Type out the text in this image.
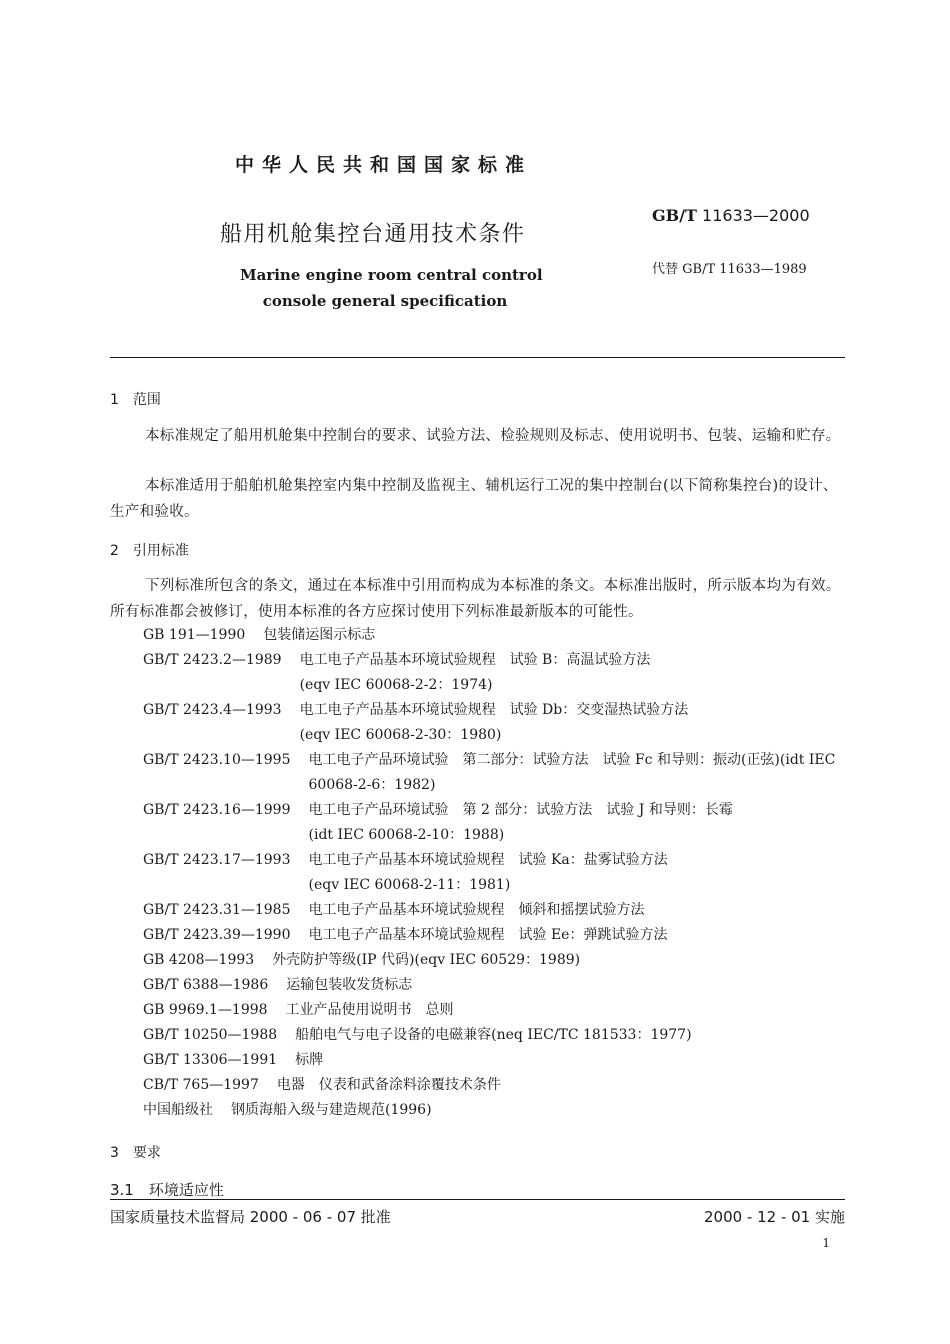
中华人民共和国国家标准
船用机舱集控台通用技术条件
Marine engine room central control
console general specification
GB/T 11633—2000
代替 GB/T 11633—1989
1　范围
本标准规定了船用机舱集中控制台的要求、试验方法、检验规则及标志、使用说明书、包装、运输和贮存。
本标准适用于船舶机舱集控室内集中控制及监视主、辅机运行工况的集中控制台(以下简称集控台)的设计、生产和验收。
2　引用标准
下列标准所包含的条文，通过在本标准中引用而构成为本标准的条文。本标准出版时，所示版本均为有效。所有标准都会被修订，使用本标准的各方应探讨使用下列标准最新版本的可能性。
GB 191—1990	包装储运图示标志
GB/T 2423.2—1989	电工电子产品基本环境试验规程　试验 B：高温试验方法
(eqv IEC 60068-2-2：1974)
GB/T 2423.4—1993	电工电子产品基本环境试验规程　试验 Db：交变湿热试验方法
(eqv IEC 60068-2-30：1980)
GB/T 2423.10—1995	电工电子产品环境试验　第二部分：试验方法　试验 Fc 和导则：振动(正弦)(idt IEC 60068-2-6：1982)
GB/T 2423.16—1999	电工电子产品环境试验　第 2 部分：试验方法　试验 J 和导则：长霉
(idt IEC 60068-2-10：1988)
GB/T 2423.17—1993	电工电子产品基本环境试验规程　试验 Ka：盐雾试验方法
(eqv IEC 60068-2-11：1981)
GB/T 2423.31—1985	电工电子产品基本环境试验规程　倾斜和摇摆试验方法
GB/T 2423.39—1990	电工电子产品基本环境试验规程　试验 Ee：弹跳试验方法
GB 4208—1993	外壳防护等级(IP 代码)(eqv IEC 60529：1989)
GB/T 6388—1986	运输包装收发货标志
GB 9969.1—1998	工业产品使用说明书　总则
GB/T 10250—1988	船舶电气与电子设备的电磁兼容(neq IEC/TC 181533：1977)
GB/T 13306—1991	标牌
CB/T 765—1997	电器　仪表和武备涂料涂覆技术条件
中国船级社	钢质海船入级与建造规范(1996)
3　要求
3.1　环境适应性
国家质量技术监督局 2000 - 06 - 07 批准	2000 - 12 - 01 实施
1
